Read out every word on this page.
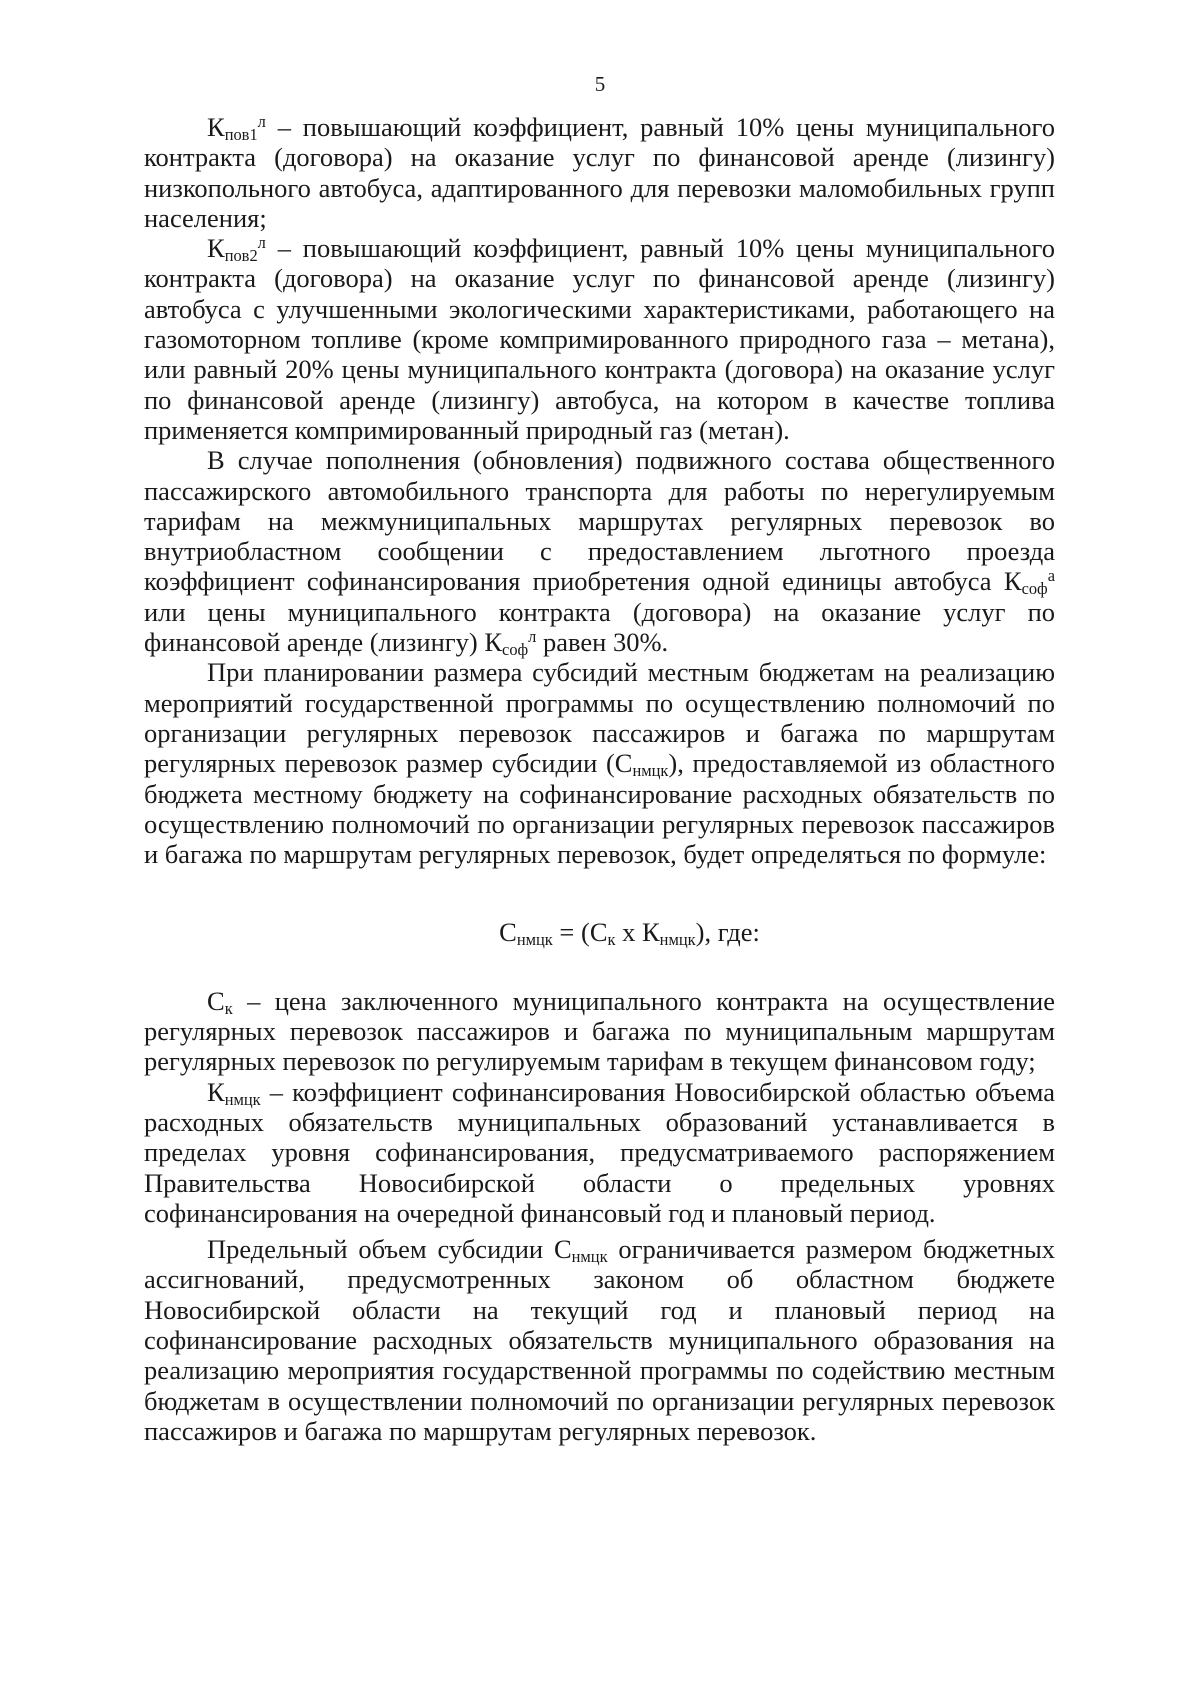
5

$К_{пов1}^л$ – повышающий коэффициент, равный 10% цены муниципального контракта (договора) на оказание услуг по финансовой аренде (лизингу) низкопольного автобуса, адаптированного для перевозки маломобильных групп населения;

$К_{пов2}^л$ – повышающий коэффициент, равный 10% цены муниципального контракта (договора) на оказание услуг по финансовой аренде (лизингу) автобуса с улучшенными экологическими характеристиками, работающего на газомоторном топливе (кроме компримированного природного газа – метана), или равный 20% цены муниципального контракта (договора) на оказание услуг по финансовой аренде (лизингу) автобуса, на котором в качестве топлива применяется компримированный природный газ (метан).

В случае пополнения (обновления) подвижного состава общественного пассажирского автомобильного транспорта для работы по нерегулируемым тарифам на межмуниципальных маршрутах регулярных перевозок во внутриобластном сообщении с предоставлением льготного проезда коэффициент софинансирования приобретения одной единицы автобуса $К_{соф}^а$ или цены муниципального контракта (договора) на оказание услуг по финансовой аренде (лизингу) $К_{соф}^л$ равен 30%.

При планировании размера субсидий местным бюджетам на реализацию мероприятий государственной программы по осуществлению полномочий по организации регулярных перевозок пассажиров и багажа по маршрутам регулярных перевозок размер субсидии $(С_{нмцк})$, предоставляемой из областного бюджета местному бюджету на софинансирование расходных обязательств по осуществлению полномочий по организации регулярных перевозок пассажиров и багажа по маршрутам регулярных перевозок, будет определяться по формуле:

$С_{нмцк} = (С_к$ х $К_{нмцк}$), где:

$С_к$ – цена заключенного муниципального контракта на осуществление регулярных перевозок пассажиров и багажа по муниципальным маршрутам регулярных перевозок по регулируемым тарифам в текущем финансовом году;

$К_{нмцк}$ – коэффициент софинансирования Новосибирской областью объема расходных обязательств муниципальных образований устанавливается в пределах уровня софинансирования, предусматриваемого распоряжением Правительства Новосибирской области о предельных уровнях софинансирования на очередной финансовый год и плановый период.

Предельный объем субсидии $С_{нмцк}$ ограничивается размером бюджетных ассигнований, предусмотренных законом об областном бюджете Новосибирской области на текущий год и плановый период на софинансирование расходных обязательств муниципального образования на реализацию мероприятия государственной программы по содействию местным бюджетам в осуществлении полномочий по организации регулярных перевозок пассажиров и багажа по маршрутам регулярных перевозок.
